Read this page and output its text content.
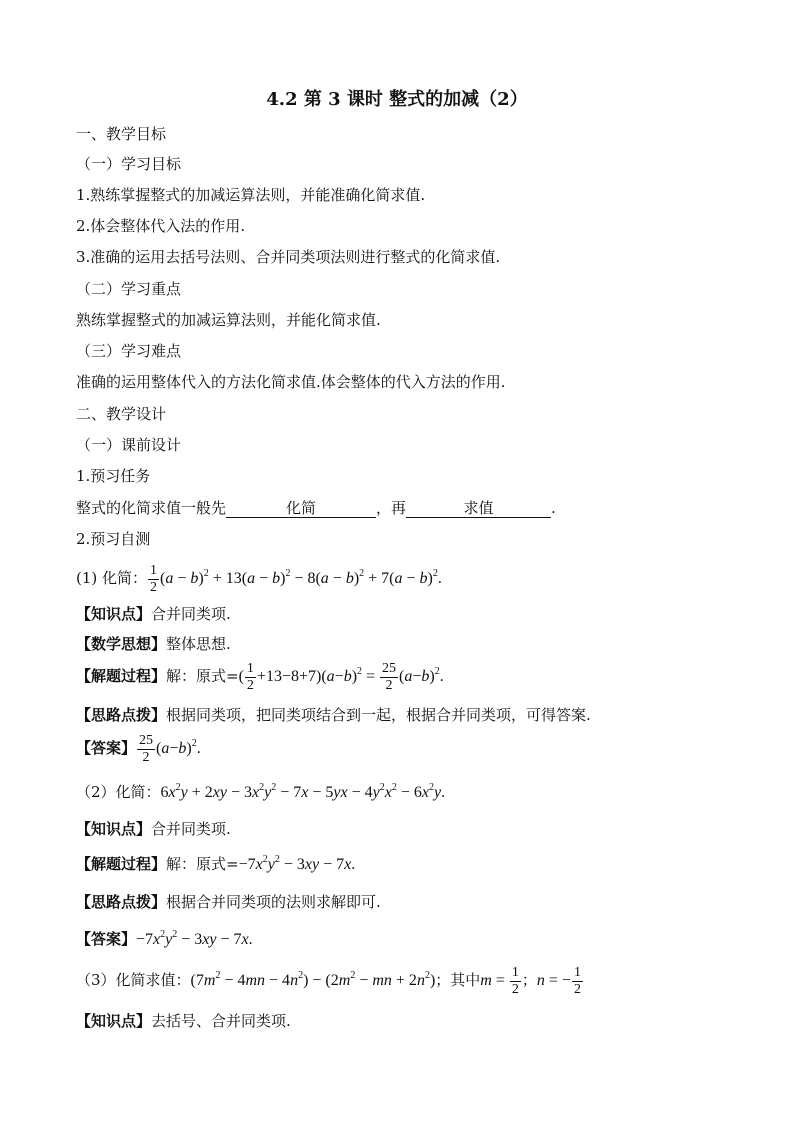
4.2 第 3 课时 整式的加减（2）
一、教学目标
（一）学习目标
1.熟练掌握整式的加减运算法则，并能准确化简求值.
2.体会整体代入法的作用.
3.准确的运用去括号法则、合并同类项法则进行整式的化简求值.
（二）学习重点
熟练掌握整式的加减运算法则，并能化简求值.
（三）学习难点
准确的运用整体代入的方法化简求值.体会整体的代入方法的作用.
二、教学设计
（一）课前设计
1.预习任务
整式的化简求值一般先	化简	，再	求值	.
2.预习自测
(1) 化简： $\frac{1}{2} (a - b)^2 + 13(a - b)^2 - 8(a - b)^2 + 7(a - b)^2$.
【知识点】合并同类项.
【数学思想】整体思想.
【解题过程】解：原式=( $\frac{1}{2} +13-8+7)(a-b)^2 = \frac{25}{2} (a-b)^2$.
【思路点拨】根据同类项，把同类项结合到一起，根据合并同类项，可得答案.
【答案】 $\frac{25}{2} (a-b)^2$.
（2）化简：$6x^2y + 2xy - 3x^2y^2 - 7x - 5yx - 4y^2x^2 - 6x^2y$.
【知识点】合并同类项.
【解题过程】解：原式$=-7x^2y^2 - 3xy - 7x$.
【思路点拨】根据合并同类项的法则求解即可.
【答案】$-7x^2y^2 - 3xy - 7x$.
（3）化简求值：$(7m^2 - 4mn - 4n^2) - (2m^2$ − mn + $2n^2$)；其中$m = \frac{1}{2}$ ；n = − $\frac{1}{2}$
【知识点】去括号、合并同类项.
